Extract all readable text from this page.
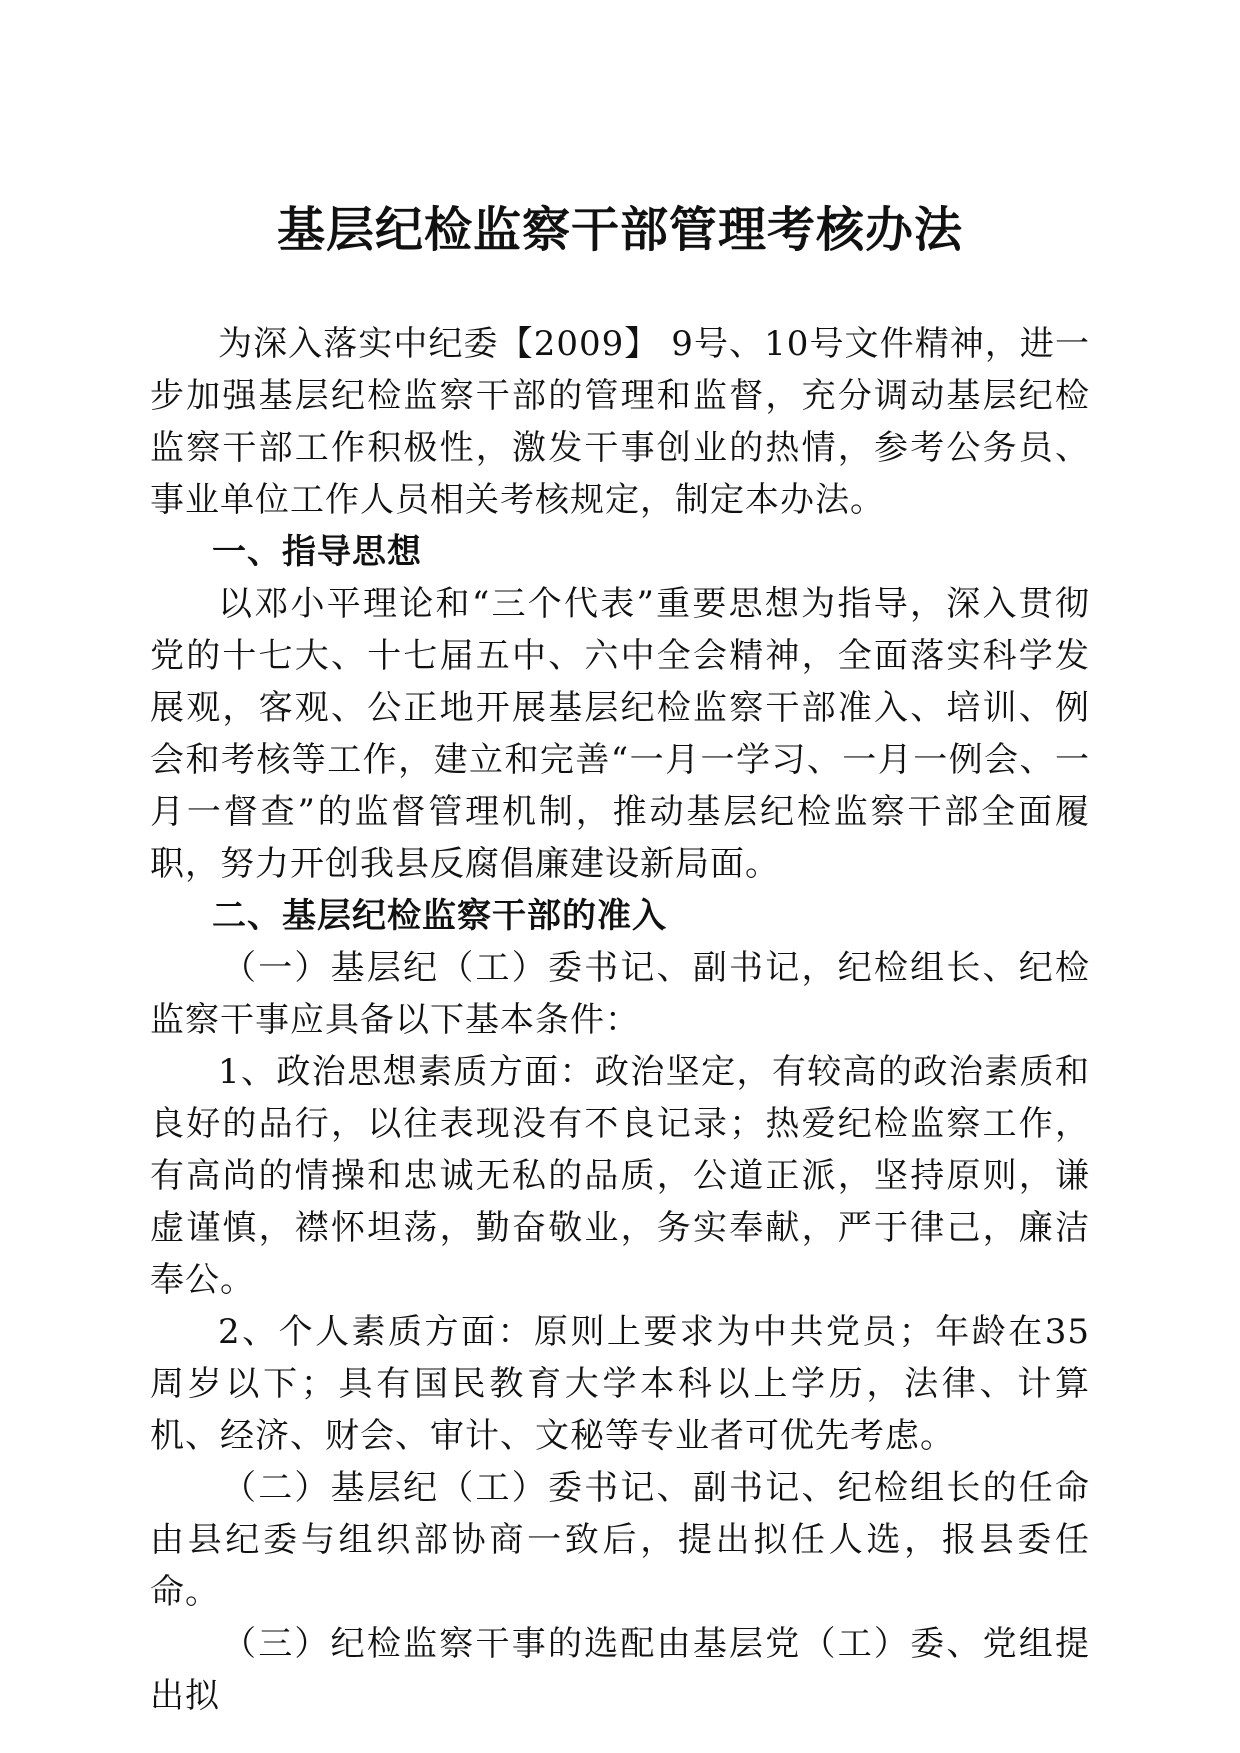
基层纪检监察干部管理考核办法

为深入落实中纪委【2009】 9号、10号文件精神，进一步加强基层纪检监察干部的管理和监督，充分调动基层纪检监察干部工作积极性，激发干事创业的热情，参考公务员、事业单位工作人员相关考核规定，制定本办法。

一、指导思想

以邓小平理论和“三个代表”重要思想为指导，深入贯彻党的十七大、十七届五中、六中全会精神，全面落实科学发展观，客观、公正地开展基层纪检监察干部准入、培训、例会和考核等工作，建立和完善“一月一学习、一月一例会、一月一督查”的监督管理机制，推动基层纪检监察干部全面履职，努力开创我县反腐倡廉建设新局面。

二、基层纪检监察干部的准入

（一）基层纪（工）委书记、副书记，纪检组长、纪检监察干事应具备以下基本条件：

1、政治思想素质方面：政治坚定，有较高的政治素质和良好的品行，以往表现没有不良记录；热爱纪检监察工作，有高尚的情操和忠诚无私的品质，公道正派，坚持原则，谦虚谨慎，襟怀坦荡，勤奋敬业，务实奉献，严于律己，廉洁奉公。

2、个人素质方面：原则上要求为中共党员；年龄在35周岁以下；具有国民教育大学本科以上学历，法律、计算机、经济、财会、审计、文秘等专业者可优先考虑。

（二）基层纪（工）委书记、副书记、纪检组长的任命由县纪委与组织部协商一致后，提出拟任人选，报县委任命。

（三）纪检监察干事的选配由基层党（工）委、党组提出拟
